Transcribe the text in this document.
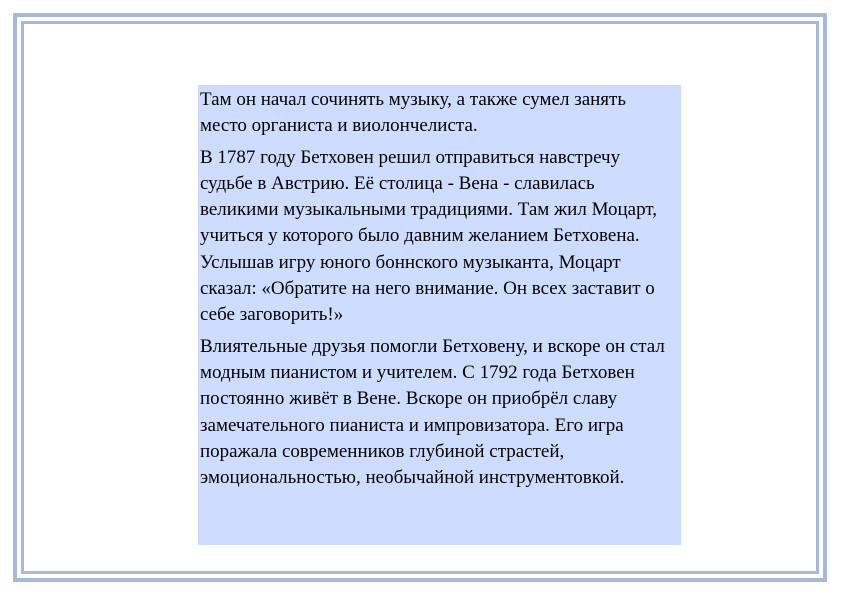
Там он начал сочинять музыку, а также сумел занять место органиста и виолончелиста.

В 1787 году Бетховен решил отправиться навстречу судьбе в Австрию. Её столица - Вена - славилась великими музыкальными традициями. Там жил Моцарт, учиться у которого было давним желанием Бетховена. Услышав игру юного боннского музыканта, Моцарт сказал: «Обратите на него внимание. Он всех заставит о себе заговорить!»

Влиятельные друзья помогли Бетховену, и вскоре он стал модным пианистом и учителем. С 1792 года Бетховен постоянно живёт в Вене. Вскоре он приобрёл славу замечательного пианиста и импровизатора. Его игра поражала современников глубиной страстей, эмоциональностью, необычайной инструментовкой.
